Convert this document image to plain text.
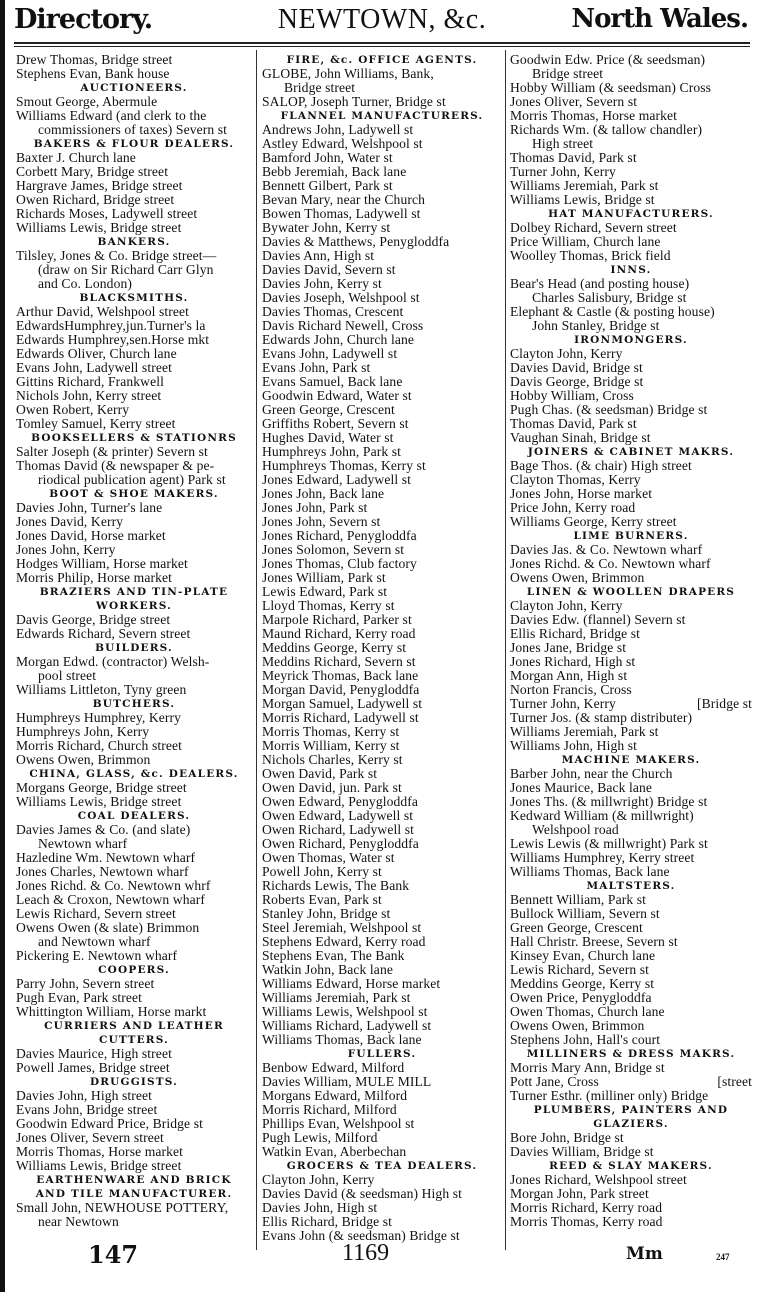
Directory.	NEWTOWN, &c.	North Wales.
Drew Thomas, Bridge street
Stephens Evan, Bank house
AUCTIONEERS.
Smout George, Abermule
Williams Edward (and clerk to the
commissioners of taxes) Severn st
BAKERS & FLOUR DEALERS.
Baxter J. Church lane
Corbett Mary, Bridge street
Hargrave James, Bridge street
Owen Richard, Bridge street
Richards Moses, Ladywell street
Williams Lewis, Bridge street
BANKERS.
Tilsley, Jones & Co. Bridge street—
(draw on Sir Richard Carr Glyn
and Co. London)
BLACKSMITHS.
Arthur David, Welshpool street
EdwardsHumphrey,jun.Turner's la
Edwards Humphrey,sen.Horse mkt
Edwards Oliver, Church lane
Evans John, Ladywell street
Gittins Richard, Frankwell
Nichols John, Kerry street
Owen Robert, Kerry
Tomley Samuel, Kerry street
BOOKSELLERS & STATIONRS
Salter Joseph (& printer) Severn st
Thomas David (& newspaper & pe-
riodical publication agent) Park st
BOOT & SHOE MAKERS.
Davies John, Turner's lane
Jones David, Kerry
Jones David, Horse market
Jones John, Kerry
Hodges William, Horse market
Morris Philip, Horse market
BRAZIERS AND TIN-PLATE
WORKERS.
Davis George, Bridge street
Edwards Richard, Severn street
BUILDERS.
Morgan Edwd. (contractor) Welsh-
pool street
Williams Littleton, Tyny green
BUTCHERS.
Humphreys Humphrey, Kerry
Humphreys John, Kerry
Morris Richard, Church street
Owens Owen, Brimmon
CHINA, GLASS, &c. DEALERS.
Morgans George, Bridge street
Williams Lewis, Bridge street
COAL DEALERS.
Davies James & Co. (and slate)
Newtown wharf
Hazledine Wm. Newtown wharf
Jones Charles, Newtown wharf
Jones Richd. & Co. Newtown whrf
Leach & Croxon, Newtown wharf
Lewis Richard, Severn street
Owens Owen (& slate) Brimmon
and Newtown wharf
Pickering E. Newtown wharf
COOPERS.
Parry John, Severn street
Pugh Evan, Park street
Whittington William, Horse markt
CURRIERS AND LEATHER
CUTTERS.
Davies Maurice, High street
Powell James, Bridge street
DRUGGISTS.
Davies John, High street
Evans John, Bridge street
Goodwin Edward Price, Bridge st
Jones Oliver, Severn street
Morris Thomas, Horse market
Williams Lewis, Bridge street
EARTHENWARE AND BRICK
AND TILE MANUFACTURER.
Small John, NEWHOUSE POTTERY,
near Newtown
FIRE, &c. OFFICE AGENTS.
GLOBE, John Williams, Bank,
Bridge street
SALOP, Joseph Turner, Bridge st
FLANNEL MANUFACTURERS.
Andrews John, Ladywell st
Astley Edward, Welshpool st
Bamford John, Water st
Bebb Jeremiah, Back lane
Bennett Gilbert, Park st
Bevan Mary, near the Church
Bowen Thomas, Ladywell st
Bywater John, Kerry st
Davies & Matthews, Penygloddfa
Davies Ann, High st
Davies David, Severn st
Davies John, Kerry st
Davies Joseph, Welshpool st
Davies Thomas, Crescent
Davis Richard Newell, Cross
Edwards John, Church lane
Evans John, Ladywell st
Evans John, Park st
Evans Samuel, Back lane
Goodwin Edward, Water st
Green George, Crescent
Griffiths Robert, Severn st
Hughes David, Water st
Humphreys John, Park st
Humphreys Thomas, Kerry st
Jones Edward, Ladywell st
Jones John, Back lane
Jones John, Park st
Jones John, Severn st
Jones Richard, Penygloddfa
Jones Solomon, Severn st
Jones Thomas, Club factory
Jones William, Park st
Lewis Edward, Park st
Lloyd Thomas, Kerry st
Marpole Richard, Parker st
Maund Richard, Kerry road
Meddins George, Kerry st
Meddins Richard, Severn st
Meyrick Thomas, Back lane
Morgan David, Penygloddfa
Morgan Samuel, Ladywell st
Morris Richard, Ladywell st
Morris Thomas, Kerry st
Morris William, Kerry st
Nichols Charles, Kerry st
Owen David, Park st
Owen David, jun. Park st
Owen Edward, Penygloddfa
Owen Edward, Ladywell st
Owen Richard, Ladywell st
Owen Richard, Penygloddfa
Owen Thomas, Water st
Powell John, Kerry st
Richards Lewis, The Bank
Roberts Evan, Park st
Stanley John, Bridge st
Steel Jeremiah, Welshpool st
Stephens Edward, Kerry road
Stephens Evan, The Bank
Watkin John, Back lane
Williams Edward, Horse market
Williams Jeremiah, Park st
Williams Lewis, Welshpool st
Williams Richard, Ladywell st
Williams Thomas, Back lane
FULLERS.
Benbow Edward, Milford
Davies William, MULE MILL
Morgans Edward, Milford
Morris Richard, Milford
Phillips Evan, Welshpool st
Pugh Lewis, Milford
Watkin Evan, Aberbechan
GROCERS & TEA DEALERS.
Clayton John, Kerry
Davies David (& seedsman) High st
Davies John, High st
Ellis Richard, Bridge st
Evans John (& seedsman) Bridge st
Goodwin Edw. Price (& seedsman)
Bridge street
Hobby William (& seedsman) Cross
Jones Oliver, Severn st
Morris Thomas, Horse market
Richards Wm. (& tallow chandler)
High street
Thomas David, Park st
Turner John, Kerry
Williams Jeremiah, Park st
Williams Lewis, Bridge st
HAT MANUFACTURERS.
Dolbey Richard, Severn street
Price William, Church lane
Woolley Thomas, Brick field
INNS.
Bear's Head (and posting house)
Charles Salisbury, Bridge st
Elephant & Castle (& posting house)
John Stanley, Bridge st
IRONMONGERS.
Clayton John, Kerry
Davies David, Bridge st
Davis George, Bridge st
Hobby William, Cross
Pugh Chas. (& seedsman) Bridge st
Thomas David, Park st
Vaughan Sinah, Bridge st
JOINERS & CABINET MAKRS.
Bage Thos. (& chair) High street
Clayton Thomas, Kerry
Jones John, Horse market
Price John, Kerry road
Williams George, Kerry street
LIME BURNERS.
Davies Jas. & Co. Newtown wharf
Jones Richd. & Co. Newtown wharf
Owens Owen, Brimmon
LINEN & WOOLLEN DRAPERS
Clayton John, Kerry
Davies Edw. (flannel) Severn st
Ellis Richard, Bridge st
Jones Jane, Bridge st
Jones Richard, High st
Morgan Ann, High st
Norton Francis, Cross
Turner John, Kerry	[Bridge st
Turner Jos. (& stamp distributer)
Williams Jeremiah, Park st
Williams John, High st
MACHINE MAKERS.
Barber John, near the Church
Jones Maurice, Back lane
Jones Ths. (& millwright) Bridge st
Kedward William (& millwright)
Welshpool road
Lewis Lewis (& millwright) Park st
Williams Humphrey, Kerry street
Williams Thomas, Back lane
MALTSTERS.
Bennett William, Park st
Bullock William, Severn st
Green George, Crescent
Hall Christr. Breese, Severn st
Kinsey Evan, Church lane
Lewis Richard, Severn st
Meddins George, Kerry st
Owen Price, Penygloddfa
Owen Thomas, Church lane
Owens Owen, Brimmon
Stephens John, Hall's court
MILLINERS & DRESS MAKRS.
Morris Mary Ann, Bridge st
Pott Jane, Cross	[street
Turner Esthr. (milliner only) Bridge
PLUMBERS, PAINTERS AND
GLAZIERS.
Bore John, Bridge st
Davies William, Bridge st
REED & SLAY MAKERS.
Jones Richard, Welshpool street
Morgan John, Park street
Morris Richard, Kerry road
Morris Thomas, Kerry road
147	1169	Mm	247
